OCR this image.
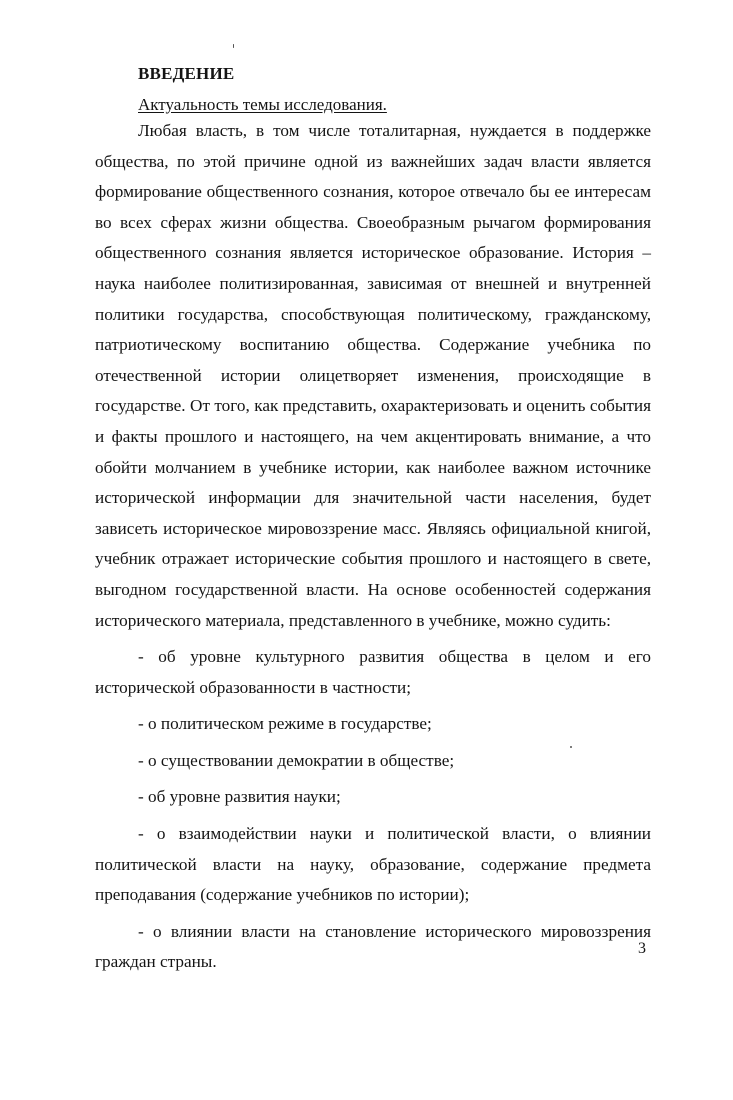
ВВЕДЕНИЕ
Актуальность темы исследования.

Любая власть, в том числе тоталитарная, нуждается в поддержке общества, по этой причине одной из важнейших задач власти является формирование общественного сознания, которое отвечало бы ее интересам во всех сферах жизни общества. Своеобразным рычагом формирования общественного сознания является историческое образование. История – наука наиболее политизированная, зависимая от внешней и внутренней политики государства, способствующая политическому, гражданскому, патриотическому воспитанию общества. Содержание учебника по отечественной истории олицетворяет изменения, происходящие в государстве. От того, как представить, охарактеризовать и оценить события и факты прошлого и настоящего, на чем акцентировать внимание, а что обойти молчанием в учебнике истории, как наиболее важном источнике исторической информации для значительной части населения, будет зависеть историческое мировоззрение масс. Являясь официальной книгой, учебник отражает исторические события прошлого и настоящего в свете, выгодном государственной власти. На основе особенностей содержания исторического материала, представленного в учебнике, можно судить:

- об уровне культурного развития общества в целом и его исторической образованности в частности;

- о политическом режиме в государстве;

- о существовании демократии в обществе;

- об уровне развития науки;

- о взаимодействии науки и политической власти, о влиянии политической власти на науку, образование, содержание предмета преподавания (содержание учебников по истории);

- о влиянии власти на становление исторического мировоззрения граждан страны.

3
